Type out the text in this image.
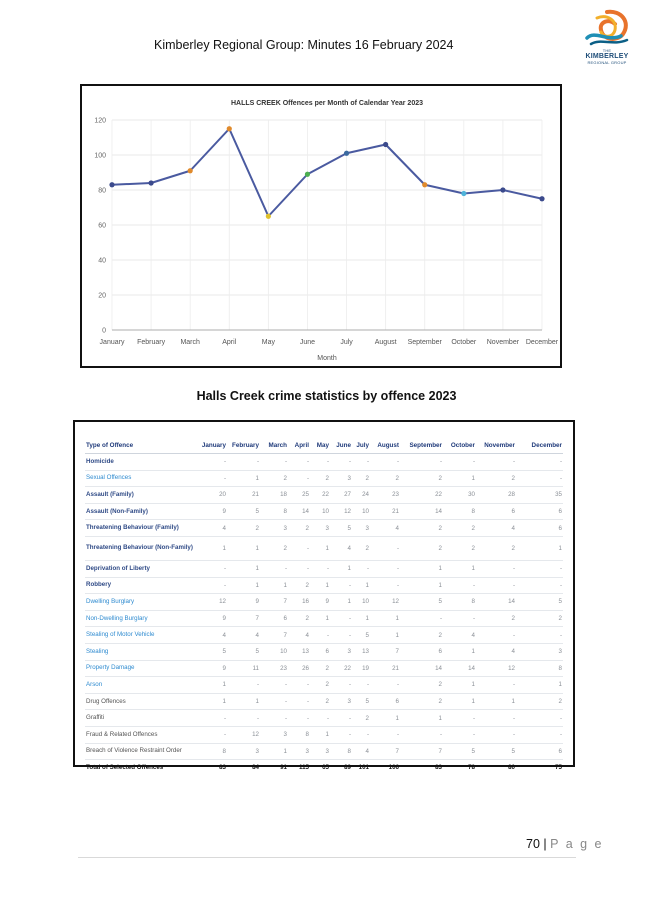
Kimberley Regional Group: Minutes 16 February 2024	THE
KIMBERLEY
REGIONAL GROUP
HALLS CREEK Offences per Month of Calendar Year 2023
0
20
40
60
80
100
120
January February March	April	May	June	July	August September October November December
Month
Halls Creek crime statistics by offence 2023
Type of Offence	January	February	March	April	May	June	July	August	September	October	November	December
Homicide	-	-	-	-	-	-	-	-	-	-	-	-
Sexual Offences	-	1	2	-	2	3	2	2	2	1	2	-
Assault (Family)	20	21	18	25	22	27	24	23	22	30	28	35
Assault (Non-Family)	9	5	8	14	10	12	10	21	14	8	6	6
Threatening Behaviour (Family)	4	2	3	2	3	5	3	4	2	2	4	6
Threatening Behaviour (Non-Family)	1	1	2	-	1	4	2	-	2	2	2	1
Deprivation of Liberty	-	1	-	-	-	1	-	-	1	1	-	-
Robbery	-	1	1	2	1	-	1	-	1	-	-	-
Dwelling Burglary	12	9	7	16	9	1	10	12	5	8	14	5
Non-Dwelling Burglary	9	7	6	2	1	-	1	1	-	-	2	2
Stealing of Motor Vehicle	4	4	7	4	-	-	5	1	2	4	-	-
Stealing	5	5	10	13	6	3	13	7	6	1	4	3
Property Damage	9	11	23	26	2	22	19	21	14	14	12	8
Arson	1	-	-	-	2	-	-	-	2	1	-	1
Drug Offences	1	1	-	-	2	3	5	6	2	1	1	2
Graffiti	-	-	-	-	-	-	2	1	1	-	-	-
Fraud & Related Offences	-	12	3	8	1	-	-	-	-	-	-	-
Breach of Violence Restraint Order	8	3	1	3	3	8	4	7	7	5	5	6
Total of Selected Offences	83	84	91	115	65	89	101	106	83	78	80	75
70 | P a g e
